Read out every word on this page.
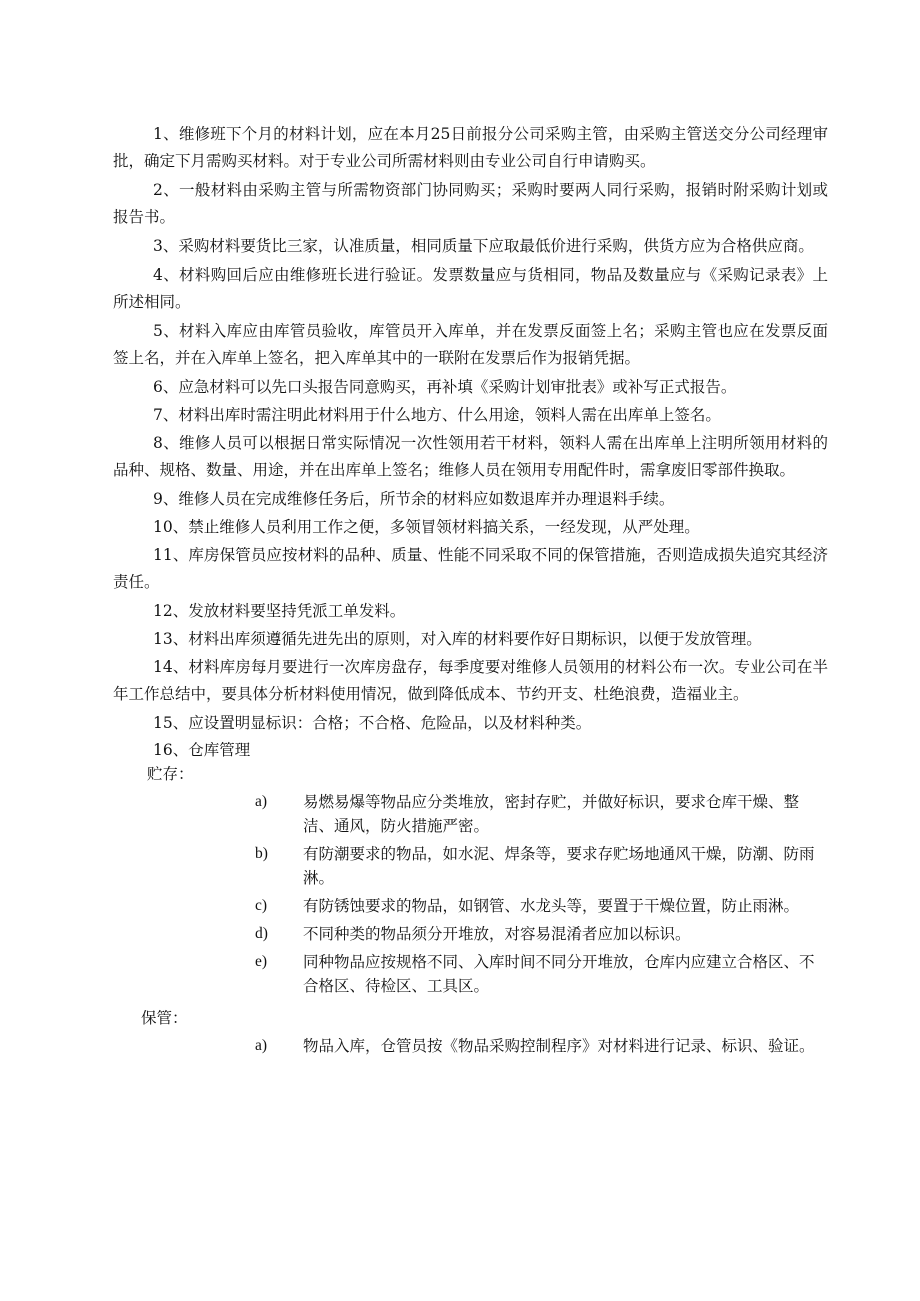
1、维修班下个月的材料计划，应在本月25日前报分公司采购主管，由采购主管送交分公司经理审批，确定下月需购买材料。对于专业公司所需材料则由专业公司自行申请购买。

2、一般材料由采购主管与所需物资部门协同购买；采购时要两人同行采购，报销时附采购计划或报告书。

3、采购材料要货比三家，认准质量，相同质量下应取最低价进行采购，供货方应为合格供应商。

4、材料购回后应由维修班长进行验证。发票数量应与货相同，物品及数量应与《采购记录表》上所述相同。

5、材料入库应由库管员验收，库管员开入库单，并在发票反面签上名；采购主管也应在发票反面签上名，并在入库单上签名，把入库单其中的一联附在发票后作为报销凭据。

6、应急材料可以先口头报告同意购买，再补填《采购计划审批表》或补写正式报告。

7、材料出库时需注明此材料用于什么地方、什么用途，领料人需在出库单上签名。

8、维修人员可以根据日常实际情况一次性领用若干材料，领料人需在出库单上注明所领用材料的品种、规格、数量、用途，并在出库单上签名；维修人员在领用专用配件时，需拿废旧零部件换取。

9、维修人员在完成维修任务后，所节余的材料应如数退库并办理退料手续。

10、禁止维修人员利用工作之便，多领冒领材料搞关系，一经发现，从严处理。

11、库房保管员应按材料的品种、质量、性能不同采取不同的保管措施，否则造成损失追究其经济责任。

12、发放材料要坚持凭派工单发料。

13、材料出库须遵循先进先出的原则，对入库的材料要作好日期标识，以便于发放管理。

14、材料库房每月要进行一次库房盘存，每季度要对维修人员领用的材料公布一次。专业公司在半年工作总结中，要具体分析材料使用情况，做到降低成本、节约开支、杜绝浪费，造福业主。

15、应设置明显标识：合格；不合格、危险品，以及材料种类。

16、仓库管理
贮存：
a) 易燃易爆等物品应分类堆放，密封存贮，并做好标识，要求仓库干燥、整洁、通风，防火措施严密。
b) 有防潮要求的物品，如水泥、焊条等，要求存贮场地通风干燥，防潮、防雨淋。
c) 有防锈蚀要求的物品，如钢管、水龙头等，要置于干燥位置，防止雨淋。
d) 不同种类的物品须分开堆放，对容易混淆者应加以标识。
e) 同种物品应按规格不同、入库时间不同分开堆放，仓库内应建立合格区、不合格区、待检区、工具区。
保管：
a) 物品入库，仓管员按《物品采购控制程序》对材料进行记录、标识、验证。
